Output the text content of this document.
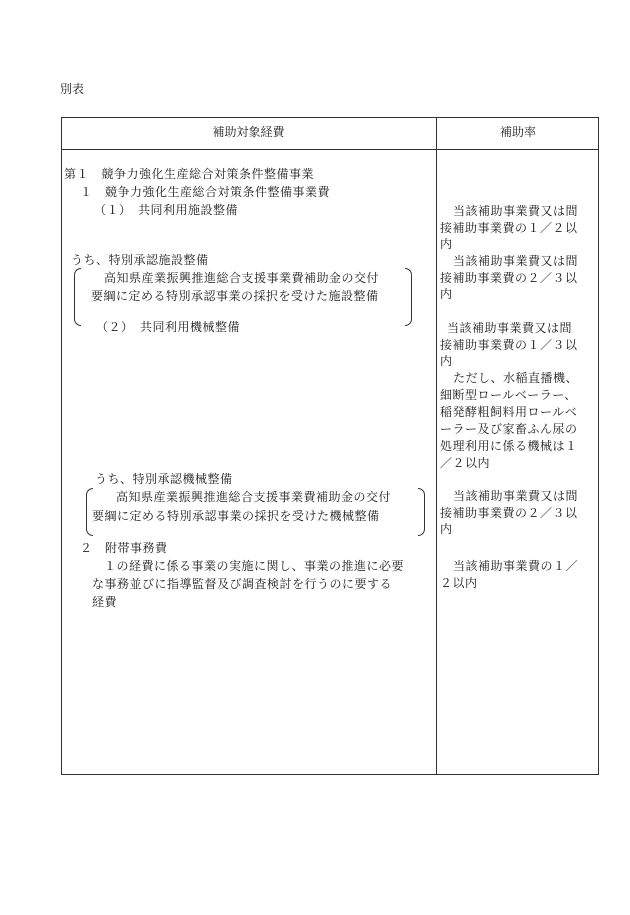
別表
補助対象経費	補助率
第１　競争力強化生産総合対策条件整備事業
１　競争力強化生産総合対策条件整備事業費
（１）　共同利用施設整備
うち、特別承認施設整備
高知県産業振興推進総合支援事業費補助金の交付
要綱に定める特別承認事業の採択を受けた施設整備
（２）　共同利用機械整備
うち、特別承認機械整備
高知県産業振興推進総合支援事業費補助金の交付
要綱に定める特別承認事業の採択を受けた機械整備
２　附帯事務費
１の経費に係る事業の実施に関し、事業の推進に必要
な事務並びに指導監督及び調査検討を行うのに要する
経費
当該補助事業費又は間
接補助事業費の１／２以
内
当該補助事業費又は間
接補助事業費の２／３以
内
当該補助事業費又は間
接補助事業費の１／３以
内
ただし、水稲直播機、
細断型ロールベーラー、
稲発酵粗飼料用ロールベ
ーラー及び家畜ふん尿の
処理利用に係る機械は１
／２以内
当該補助事業費又は間
接補助事業費の２／３以
内
当該補助事業費の１／
２以内
